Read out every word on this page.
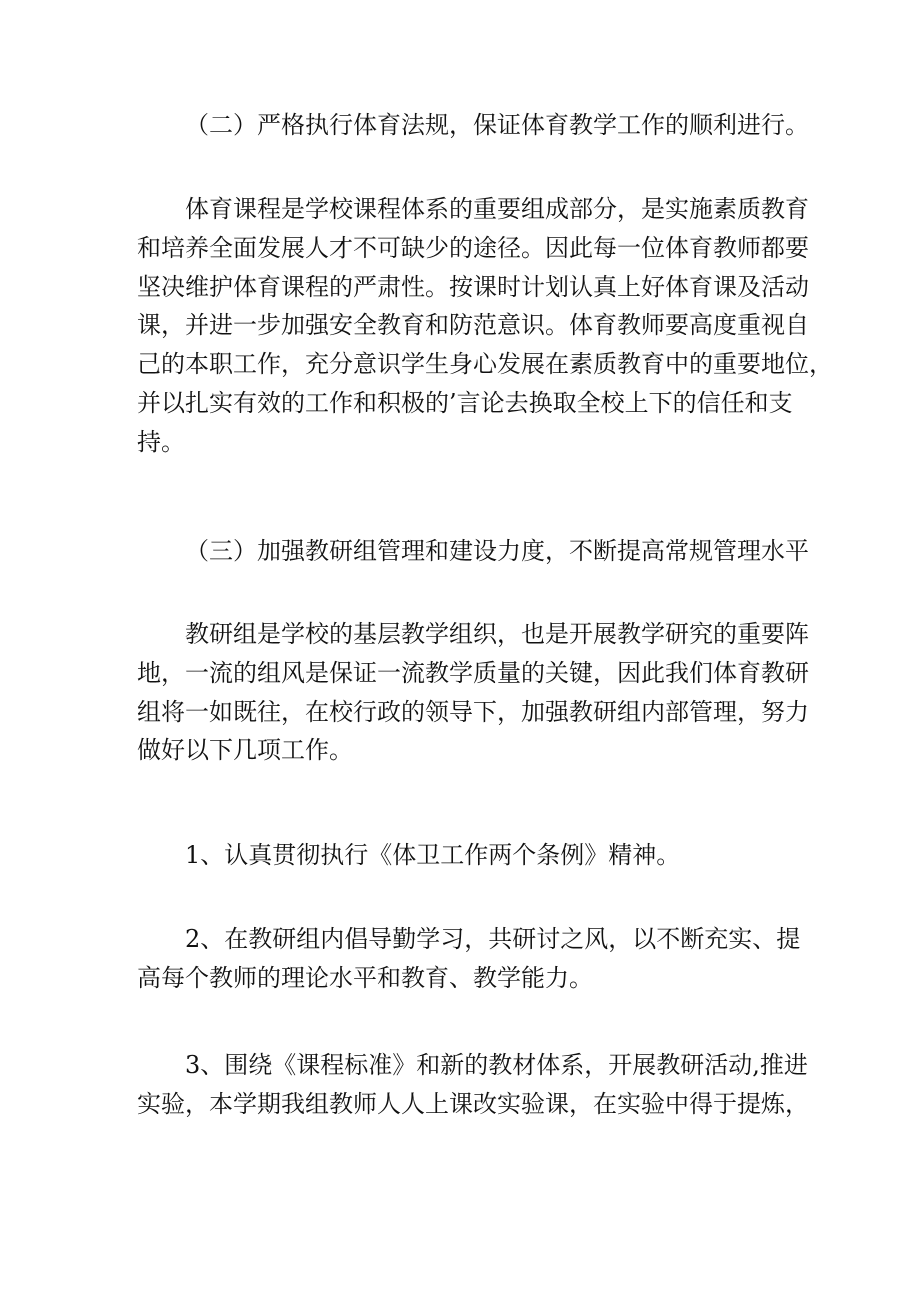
（二）严格执行体育法规，保证体育教学工作的顺利进行。

　　体育课程是学校课程体系的重要组成部分，是实施素质教育
和培养全面发展人才不可缺少的途径。因此每一位体育教师都要
坚决维护体育课程的严肃性。按课时计划认真上好体育课及活动
课，并进一步加强安全教育和防范意识。体育教师要高度重视自
己的本职工作，充分意识学生身心发展在素质教育中的重要地位，
并以扎实有效的工作和积极的’言论去换取全校上下的信任和支
持。

（三）加强教研组管理和建设力度，不断提高常规管理水平

　　教研组是学校的基层教学组织，也是开展教学研究的重要阵
地，一流的组风是保证一流教学质量的关键，因此我们体育教研
组将一如既往，在校行政的领导下，加强教研组内部管理，努力
做好以下几项工作。

　　1、认真贯彻执行《体卫工作两个条例》精神。

　　2、在教研组内倡导勤学习，共研讨之风，以不断充实、提
高每个教师的理论水平和教育、教学能力。

　　3、围绕《课程标准》和新的教材体系，开展教研活动,推进
实验，本学期我组教师人人上课改实验课，在实验中得于提炼，
